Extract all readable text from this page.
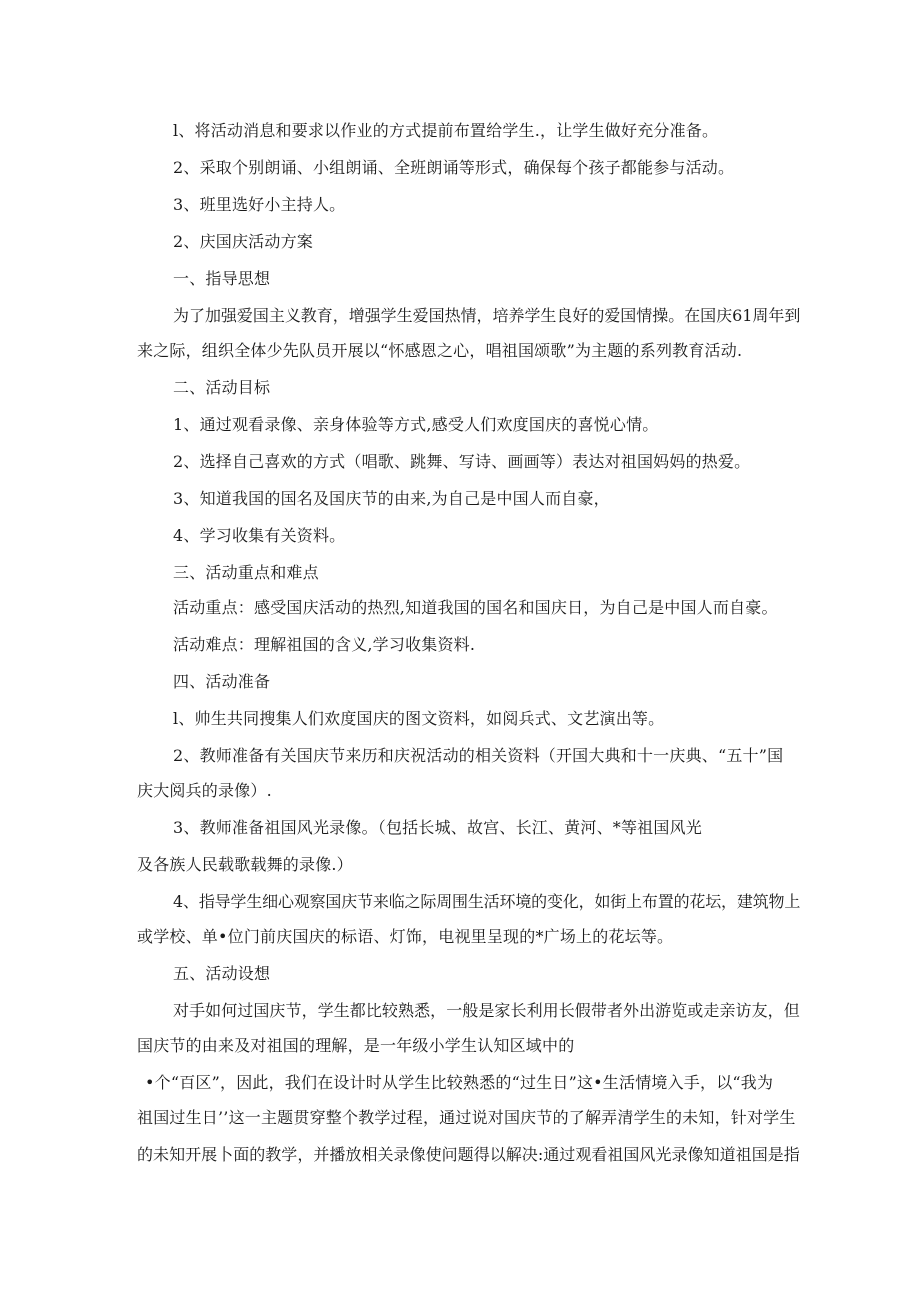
l、将活动消息和要求以作业的方式提前布置给学生.，让学生做好充分准备。

2、采取个别朗诵、小组朗诵、全班朗诵等形式，确保每个孩子都能参与活动。

3、班里选好小主持人。

2、庆国庆活动方案

一、指导思想

为了加强爱国主义教育，增强学生爱国热情，培养学生良好的爱国情操。在国庆61周年到

来之际，组织全体少先队员开展以“怀感恩之心，唱祖国颂歌”为主题的系列教育活动.

二、活动目标

1、通过观看录像、亲身体验等方式,感受人们欢度国庆的喜悦心情。

2、选择自己喜欢的方式（唱歌、跳舞、写诗、画画等）表达对祖国妈妈的热爱。

3、知道我国的国名及国庆节的由来,为自己是中国人而自豪，

4、学习收集有关资料。

三、活动重点和难点

活动重点：感受国庆活动的热烈,知道我国的国名和国庆日，为自己是中国人而自豪。

活动难点：理解祖国的含义,学习收集资料.

四、活动准备

l、帅生共同搜集人们欢度国庆的图文资料，如阅兵式、文艺演出等。

2、教师准备有关国庆节来历和庆祝活动的相关资料（开国大典和十一庆典、“五十”国

庆大阅兵的录像）.

3、教师准备祖国风光录像。（包括长城、故宫、长江、黄河、*等祖国风光

及各族人民载歌载舞的录像.）

4、指导学生细心观察国庆节来临之际周围生活环境的变化，如街上布置的花坛，建筑物上

或学校、单•位门前庆国庆的标语、灯饰，电视里呈现的*广场上的花坛等。

五、活动设想

对手如何过国庆节，学生都比较熟悉，一般是家长利用长假带者外出游览或走亲访友，但

国庆节的由来及对祖国的理解，是一年级小学生认知区域中的

•个“百区”，因此，我们在设计时从学生比较熟悉的“过生日”这•生活情境入手，以“我为

祖国过生日’’这一主题贯穿整个教学过程，通过说对国庆节的了解弄清学生的未知，针对学生

的未知开展卜面的教学，并播放相关录像使问题得以解决:通过观看祖国风光录像知道祖国是指
